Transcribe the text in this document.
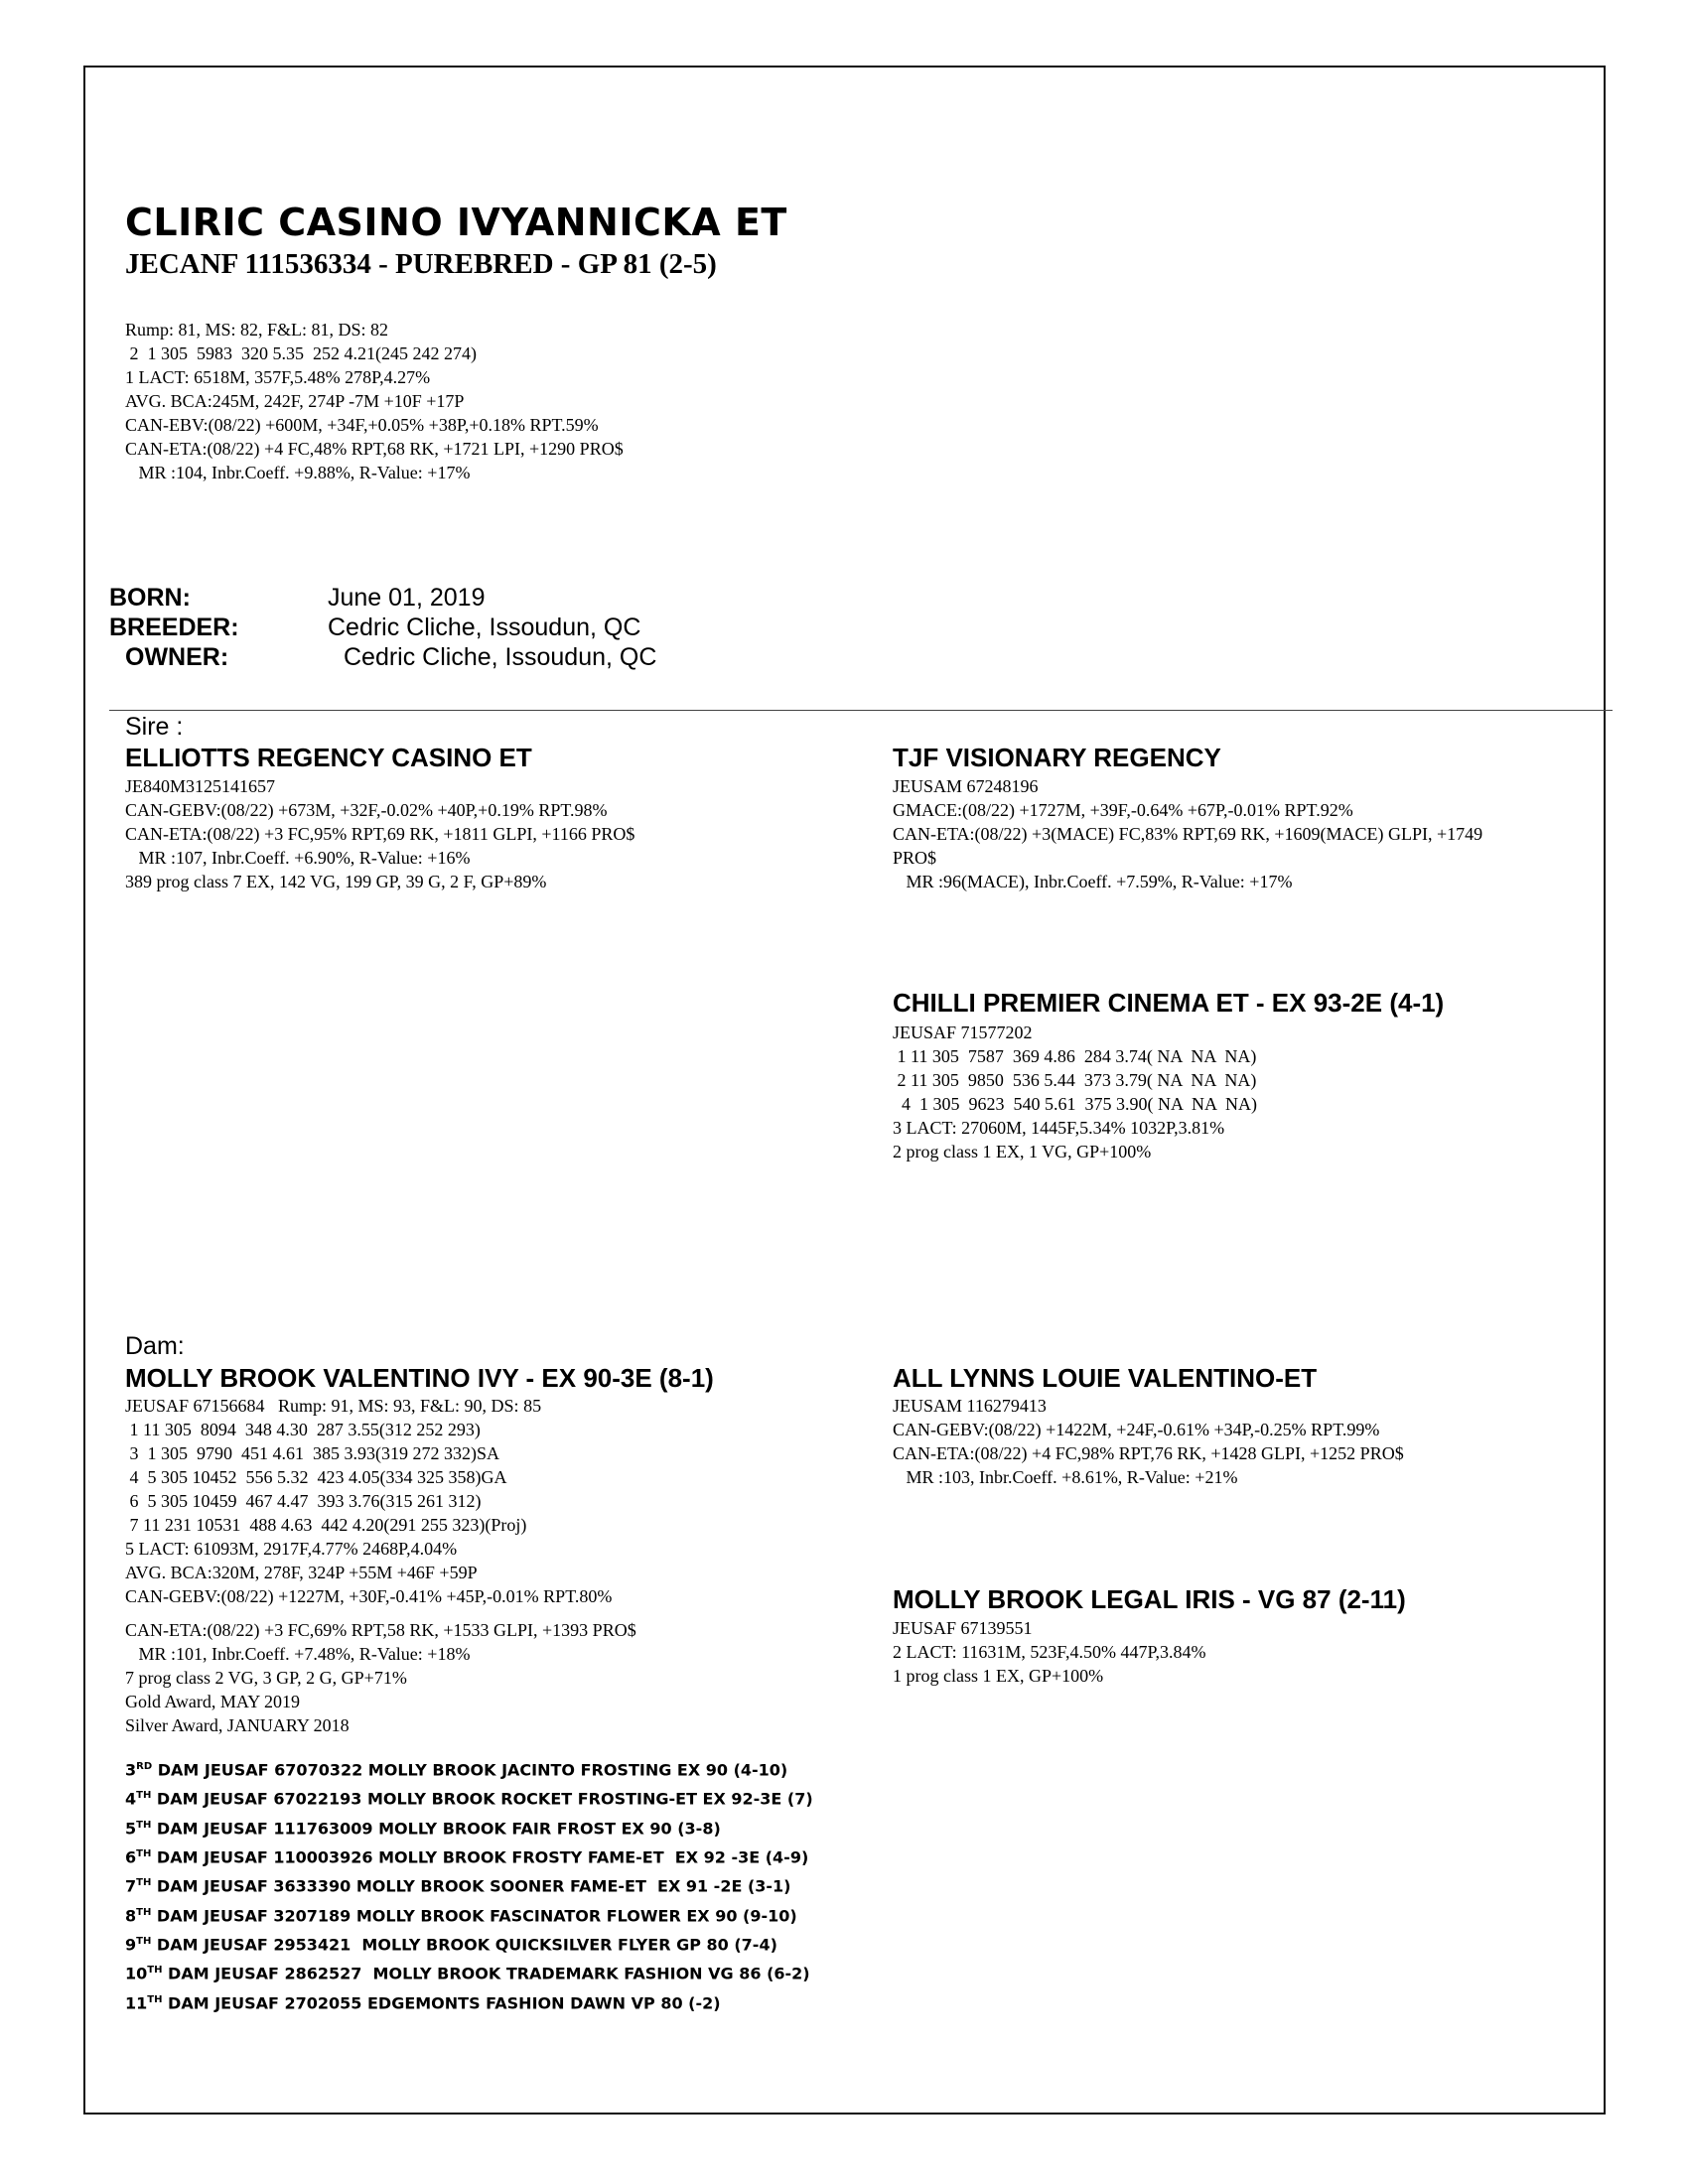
CLIRIC CASINO IVYANNICKA ET
JECANF 111536334 - PUREBRED - GP 81 (2-5)
Rump: 81, MS: 82, F&L: 81, DS: 82
2  1 305  5983  320 5.35  252 4.21(245 242 274)
1 LACT: 6518M, 357F,5.48% 278P,4.27%
AVG. BCA:245M, 242F, 274P -7M +10F +17P
CAN-EBV:(08/22) +600M, +34F,+0.05% +38P,+0.18% RPT.59%
CAN-ETA:(08/22) +4 FC,48% RPT,68 RK, +1721 LPI, +1290 PRO$
MR :104, Inbr.Coeff. +9.88%, R-Value: +17%
BORN:	June 01, 2019
BREEDER:	Cedric Cliche, Issoudun, QC
OWNER:	Cedric Cliche, Issoudun, QC
Sire :
ELLIOTTS REGENCY CASINO ET
JE840M3125141657
CAN-GEBV:(08/22) +673M, +32F,-0.02% +40P,+0.19% RPT.98%
CAN-ETA:(08/22) +3 FC,95% RPT,69 RK, +1811 GLPI, +1166 PRO$
MR :107, Inbr.Coeff. +6.90%, R-Value: +16%
389 prog class 7 EX, 142 VG, 199 GP, 39 G, 2 F, GP+89%
TJF VISIONARY REGENCY
JEUSAM 67248196
GMACE:(08/22) +1727M, +39F,-0.64% +67P,-0.01% RPT.92%
CAN-ETA:(08/22) +3(MACE) FC,83% RPT,69 RK, +1609(MACE) GLPI, +1749
PRO$
MR :96(MACE), Inbr.Coeff. +7.59%, R-Value: +17%
CHILLI PREMIER CINEMA ET - EX 93-2E (4-1)
JEUSAF 71577202
1 11 305  7587  369 4.86  284 3.74( NA  NA  NA)
2 11 305  9850  536 5.44  373 3.79( NA  NA  NA)
4  1 305  9623  540 5.61  375 3.90( NA  NA  NA)
3 LACT: 27060M, 1445F,5.34% 1032P,3.81%
2 prog class 1 EX, 1 VG, GP+100%
Dam:
MOLLY BROOK VALENTINO IVY - EX 90-3E (8-1)
JEUSAF 67156684   Rump: 91, MS: 93, F&L: 90, DS: 85
1 11 305  8094  348 4.30  287 3.55(312 252 293)
3  1 305  9790  451 4.61  385 3.93(319 272 332)SA
4  5 305 10452  556 5.32  423 4.05(334 325 358)GA
6  5 305 10459  467 4.47  393 3.76(315 261 312)
7 11 231 10531  488 4.63  442 4.20(291 255 323)(Proj)
5 LACT: 61093M, 2917F,4.77% 2468P,4.04%
AVG. BCA:320M, 278F, 324P +55M +46F +59P
CAN-GEBV:(08/22) +1227M, +30F,-0.41% +45P,-0.01% RPT.80%
CAN-ETA:(08/22) +3 FC,69% RPT,58 RK, +1533 GLPI, +1393 PRO$
MR :101, Inbr.Coeff. +7.48%, R-Value: +18%
7 prog class 2 VG, 3 GP, 2 G, GP+71%
Gold Award, MAY 2019
Silver Award, JANUARY 2018
ALL LYNNS LOUIE VALENTINO-ET
JEUSAM 116279413
CAN-GEBV:(08/22) +1422M, +24F,-0.61% +34P,-0.25% RPT.99%
CAN-ETA:(08/22) +4 FC,98% RPT,76 RK, +1428 GLPI, +1252 PRO$
MR :103, Inbr.Coeff. +8.61%, R-Value: +21%
MOLLY BROOK LEGAL IRIS - VG 87 (2-11)
JEUSAF 67139551
2 LACT: 11631M, 523F,4.50% 447P,3.84%
1 prog class 1 EX, GP+100%
3RD DAM JEUSAF 67070322 MOLLY BROOK JACINTO FROSTING EX 90 (4-10)
4TH DAM JEUSAF 67022193 MOLLY BROOK ROCKET FROSTING-ET EX 92-3E (7)
5TH DAM JEUSAF 111763009 MOLLY BROOK FAIR FROST EX 90 (3-8)
6TH DAM JEUSAF 110003926 MOLLY BROOK FROSTY FAME-ET  EX 92 -3E (4-9)
7TH DAM JEUSAF 3633390 MOLLY BROOK SOONER FAME-ET  EX 91 -2E (3-1)
8TH DAM JEUSAF 3207189 MOLLY BROOK FASCINATOR FLOWER EX 90 (9-10)
9TH DAM JEUSAF 2953421  MOLLY BROOK QUICKSILVER FLYER GP 80 (7-4)
10TH DAM JEUSAF 2862527  MOLLY BROOK TRADEMARK FASHION VG 86 (6-2)
11TH DAM JEUSAF 2702055 EDGEMONTS FASHION DAWN VP 80 (-2)
